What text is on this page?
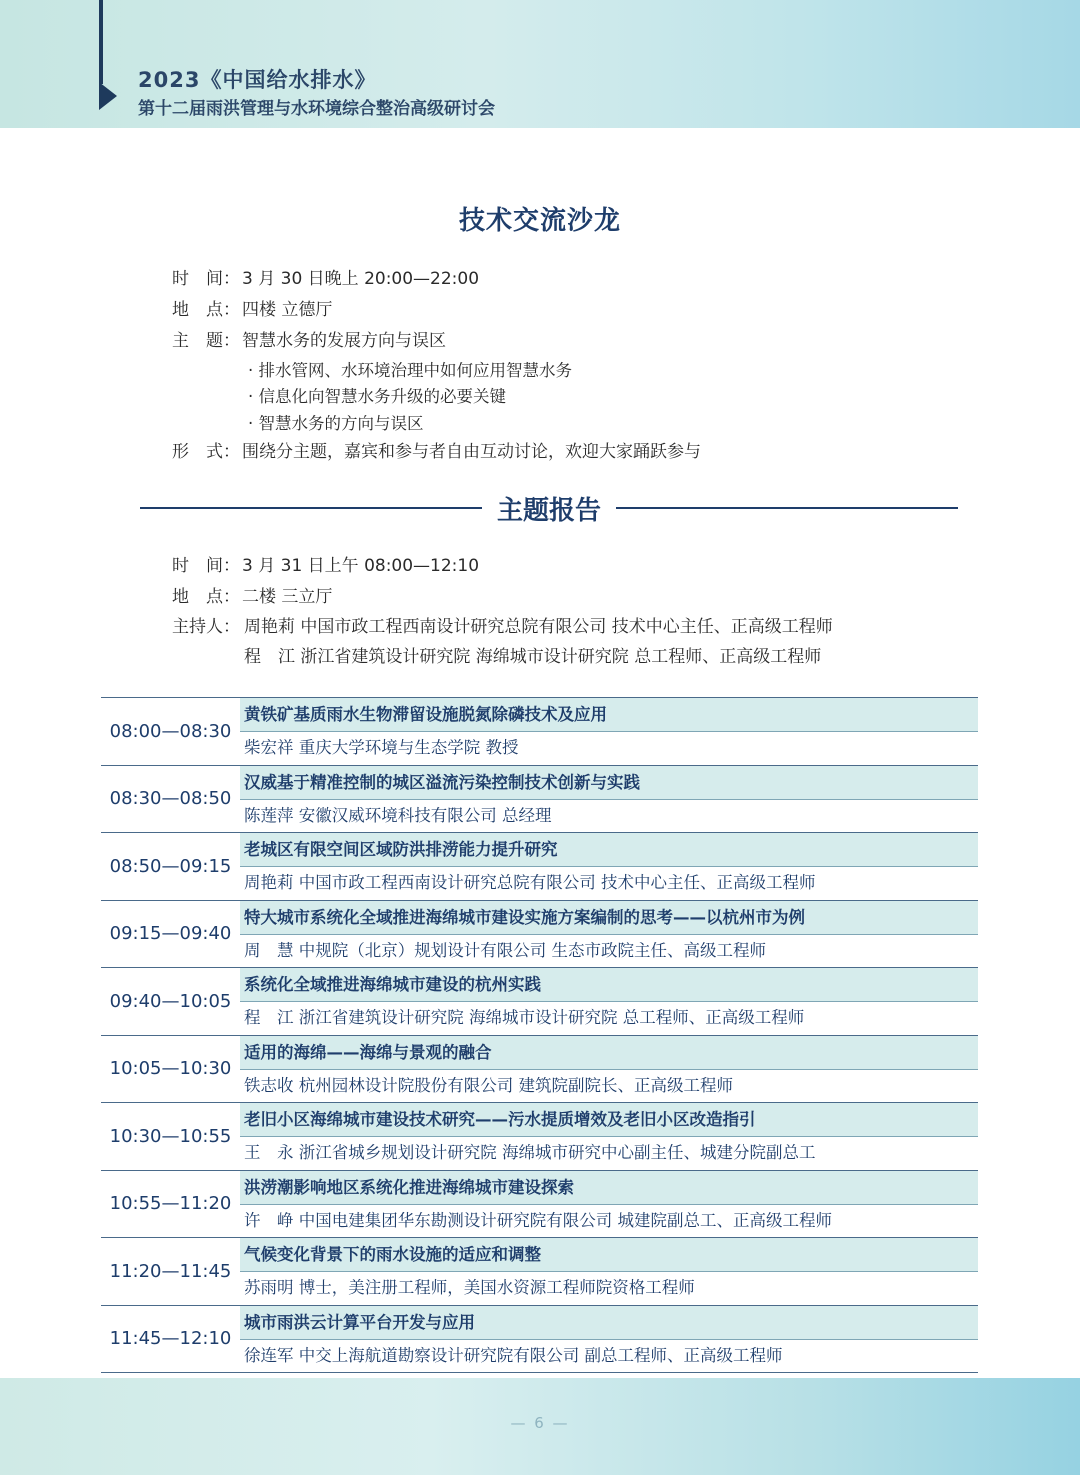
2023《中国给水排水》
第十二届雨洪管理与水环境综合整治高级研讨会
技术交流沙龙
时　间： 3 月 30 日晚上 20:00—22:00
地　点： 四楼 立德厅
主　题： 智慧水务的发展方向与误区
· 排水管网、水环境治理中如何应用智慧水务
· 信息化向智慧水务升级的必要关键
· 智慧水务的方向与误区
形　式： 围绕分主题，嘉宾和参与者自由互动讨论，欢迎大家踊跃参与
主题报告
时　间： 3 月 31 日上午 08:00—12:10
地　点： 二楼 三立厅
主持人： 周艳莉 中国市政工程西南设计研究总院有限公司 技术中心主任、正高级工程师
程　江 浙江省建筑设计研究院 海绵城市设计研究院 总工程师、正高级工程师
08:00—08:30
黄铁矿基质雨水生物滞留设施脱氮除磷技术及应用
柴宏祥 重庆大学环境与生态学院 教授
08:30—08:50
汉威基于精准控制的城区溢流污染控制技术创新与实践
陈莲萍 安徽汉威环境科技有限公司 总经理
08:50—09:15
老城区有限空间区域防洪排涝能力提升研究
周艳莉 中国市政工程西南设计研究总院有限公司 技术中心主任、正高级工程师
09:15—09:40
特大城市系统化全域推进海绵城市建设实施方案编制的思考——以杭州市为例
周　慧 中规院（北京）规划设计有限公司 生态市政院主任、高级工程师
09:40—10:05
系统化全域推进海绵城市建设的杭州实践
程　江 浙江省建筑设计研究院 海绵城市设计研究院 总工程师、正高级工程师
10:05—10:30
适用的海绵——海绵与景观的融合
铁志收 杭州园林设计院股份有限公司 建筑院副院长、正高级工程师
10:30—10:55
老旧小区海绵城市建设技术研究——污水提质增效及老旧小区改造指引
王　永 浙江省城乡规划设计研究院 海绵城市研究中心副主任、城建分院副总工
10:55—11:20
洪涝潮影响地区系统化推进海绵城市建设探索
许　峥 中国电建集团华东勘测设计研究院有限公司 城建院副总工、正高级工程师
11:20—11:45
气候变化背景下的雨水设施的适应和调整
苏雨明 博士，美注册工程师，美国水资源工程师院资格工程师
11:45—12:10
城市雨洪云计算平台开发与应用
徐连军 中交上海航道勘察设计研究院有限公司 副总工程师、正高级工程师
— 6 —
